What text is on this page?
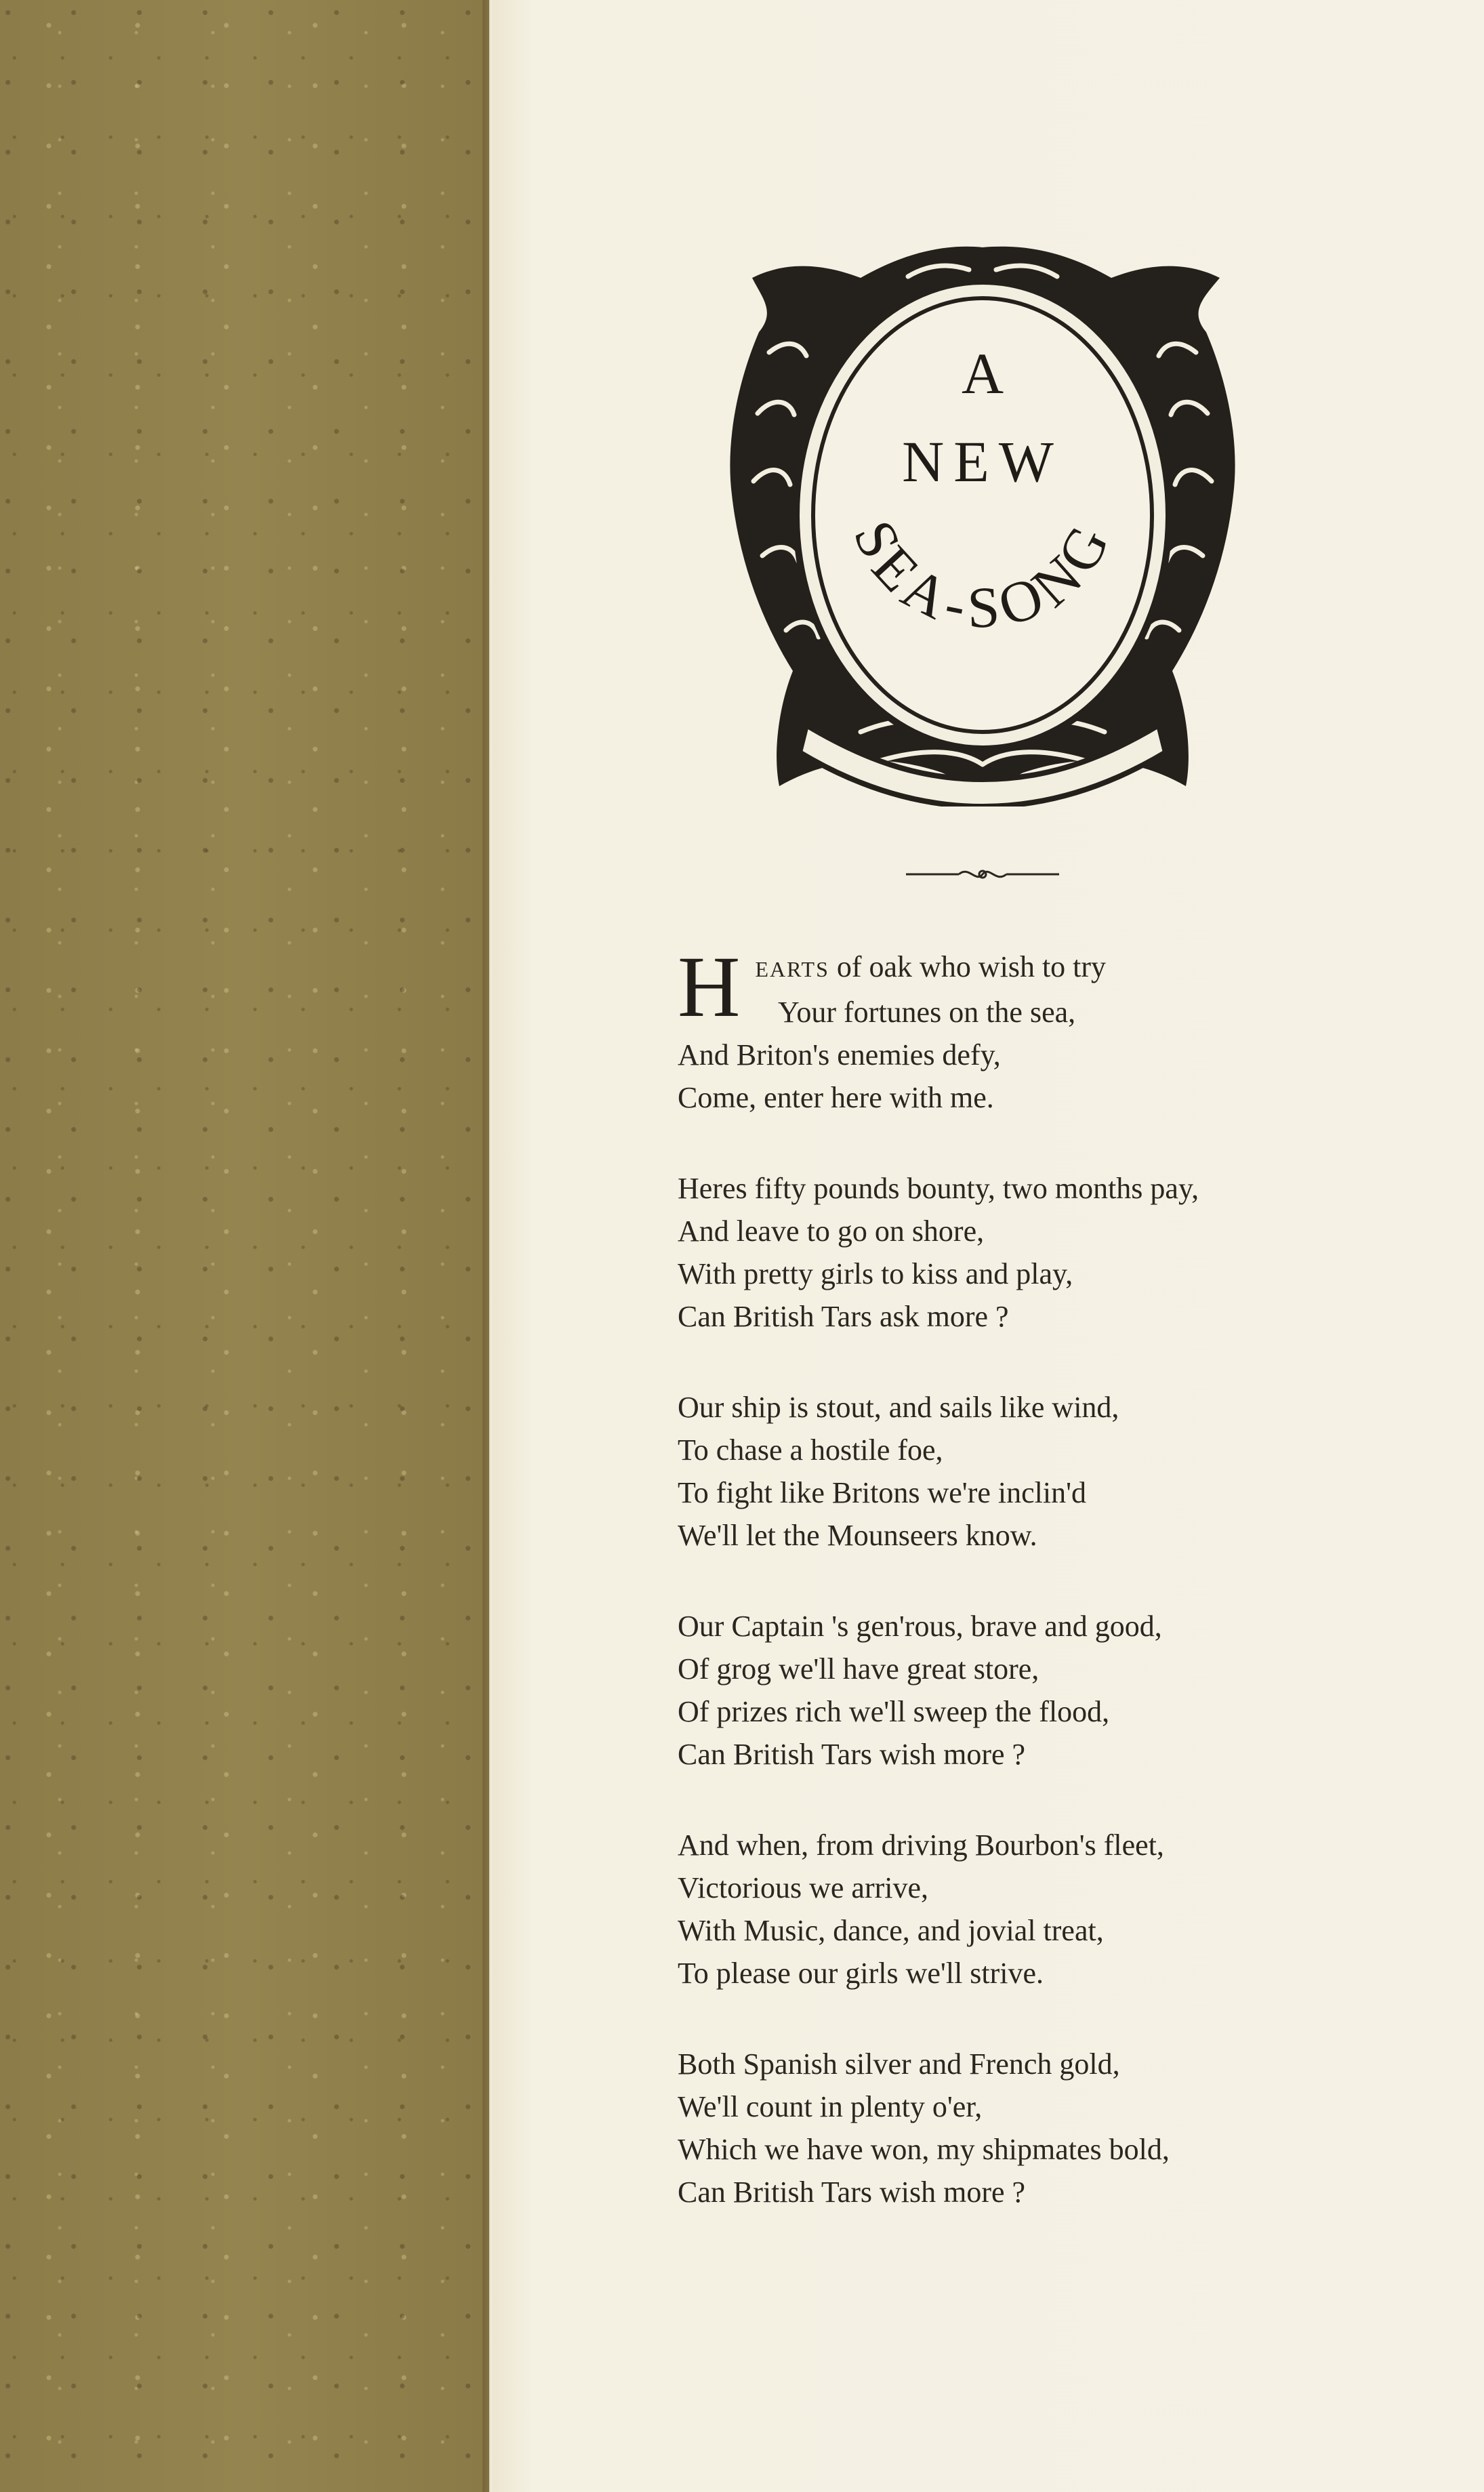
A
NEW
SEA-SONG
H EARTS of oak who wish to try
Your fortunes on the sea,
And Briton's enemies defy,
Come, enter here with me.
Heres fifty pounds bounty, two months pay,
And leave to go on shore,
With pretty girls to kiss and play,
Can British Tars ask more ?
Our ship is stout, and sails like wind,
To chase a hostile foe,
To fight like Britons we're inclin'd
We'll let the Mounseers know.
Our Captain 's gen'rous, brave and good,
Of grog we'll have great store,
Of prizes rich we'll sweep the flood,
Can British Tars wish more ?
And when, from driving Bourbon's fleet,
Victorious we arrive,
With Music, dance, and jovial treat,
To please our girls we'll strive.
Both Spanish silver and French gold,
We'll count in plenty o'er,
Which we have won, my shipmates bold,
Can British Tars wish more ?
